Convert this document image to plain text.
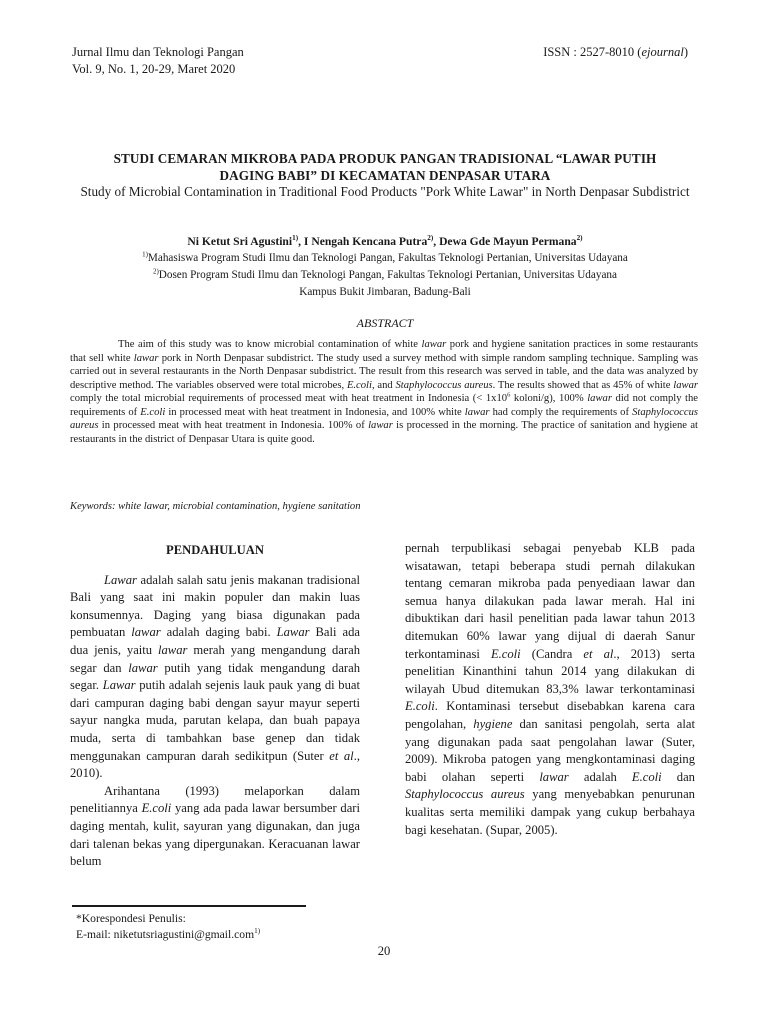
Jurnal Ilmu dan Teknologi Pangan
Vol. 9, No. 1, 20-29, Maret 2020
ISSN : 2527-8010 (ejournal)
STUDI CEMARAN MIKROBA PADA PRODUK PANGAN TRADISIONAL “LAWAR PUTIH
DAGING BABI” DI KECAMATAN DENPASAR UTARA
Study of Microbial Contamination in Traditional Food Products "Pork White Lawar" in North Denpasar Subdistrict
Ni Ketut Sri Agustini$^{1)}$, I Nengah Kencana Putra$^{2)}$, Dewa Gde Mayun Permana$^{2)}$
$^{1)}$Mahasiswa Program Studi Ilmu dan Teknologi Pangan, Fakultas Teknologi Pertanian, Universitas Udayana
$^{2)}$Dosen Program Studi Ilmu dan Teknologi Pangan, Fakultas Teknologi Pertanian, Universitas Udayana
Kampus Bukit Jimbaran, Badung-Bali
ABSTRACT
The aim of this study was to know microbial contamination of white lawar pork and hygiene sanitation practices in some restaurants that sell white lawar pork in North Denpasar subdistrict. The study used a survey method with simple random sampling technique. Sampling was carried out in several restaurants in the North Denpasar subdistrict. The result from this research was served in table, and the data was analyzed by descriptive method. The variables observed were total microbes, E.coli, and Staphylococcus aureus. The results showed that as 45% of white lawar comply the total microbial requirements of processed meat with heat treatment in Indonesia (< $1x10^6$ koloni/g), 100% lawar did not comply the requirements of E.coli in processed meat with heat treatment in Indonesia, and 100% white lawar had comply the requirements of Staphylococcus aureus in processed meat with heat treatment in Indonesia. 100% of lawar is processed in the morning. The practice of sanitation and hygiene at restaurants in the district of Denpasar Utara is quite good.
Keywords: white lawar, microbial contamination, hygiene sanitation
PENDAHULUAN

Lawar adalah salah satu jenis makanan tradisional Bali yang saat ini makin populer dan makin luas konsumennya. Daging yang biasa digunakan pada pembuatan lawar adalah daging babi. Lawar Bali ada dua jenis, yaitu lawar merah yang mengandung darah segar dan lawar putih yang tidak mengandung darah segar. Lawar putih adalah sejenis lauk pauk yang di buat dari campuran daging babi dengan sayur mayur seperti sayur nangka muda, parutan kelapa, dan buah papaya muda, serta di tambahkan base genep dan tidak menggunakan campuran darah sedikitpun (Suter et al., 2010).

Arihantana (1993) melaporkan dalam penelitiannya E.coli yang ada pada lawar bersumber dari daging mentah, kulit, sayuran yang digunakan, dan juga dari talenan bekas yang dipergunakan. Keracuanan lawar belum

pernah terpublikasi sebagai penyebab KLB pada wisatawan, tetapi beberapa studi pernah dilakukan tentang cemaran mikroba pada penyediaan lawar dan semua hanya dilakukan pada lawar merah. Hal ini dibuktikan dari hasil penelitian pada lawar tahun 2013 ditemukan 60% lawar yang dijual di daerah Sanur terkontaminasi E.coli (Candra et al., 2013) serta penelitian Kinanthini tahun 2014 yang dilakukan di wilayah Ubud ditemukan 83,3% lawar terkontaminasi E.coli. Kontaminasi tersebut disebabkan karena cara pengolahan, hygiene dan sanitasi pengolah, serta alat yang digunakan pada saat pengolahan lawar (Suter, 2009). Mikroba patogen yang mengkontaminasi daging babi olahan seperti lawar adalah E.coli dan Staphylococcus aureus yang menyebabkan penurunan kualitas serta memiliki dampak yang cukup berbahaya bagi kesehatan. (Supar, 2005).

*Korespondesi Penulis:
E-mail: niketutsriagustini@gmail.com$^{1)}$
20
